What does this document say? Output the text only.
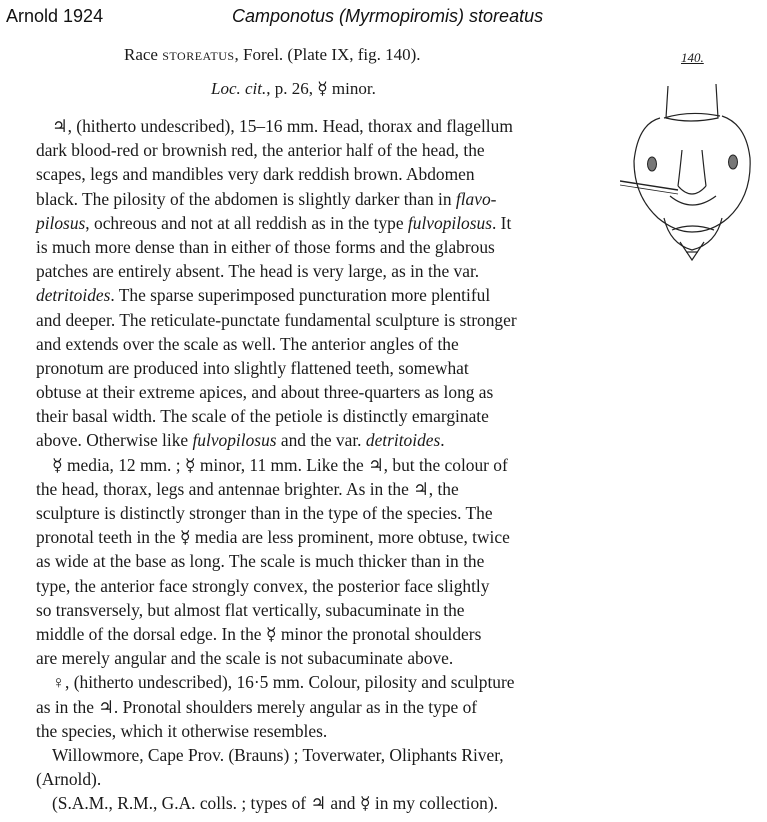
Arnold 1924	Camponotus (Myrmopiromis) storeatus
Race storeatus, Forel. (Plate IX, fig. 140).
Loc. cit., p. 26, ☿ minor.
140.
♃, (hitherto undescribed), 15–16 mm. Head, thorax and flagellum
dark blood-red or brownish red, the anterior half of the head, the
scapes, legs and mandibles very dark reddish brown. Abdomen
black. The pilosity of the abdomen is slightly darker than in flavo-
pilosus, ochreous and not at all reddish as in the type fulvopilosus. It
is much more dense than in either of those forms and the glabrous
patches are entirely absent. The head is very large, as in the var.
detritoides. The sparse superimposed puncturation more plentiful
and deeper. The reticulate-punctate fundamental sculpture is stronger
and extends over the scale as well. The anterior angles of the
pronotum are produced into slightly flattened teeth, somewhat
obtuse at their extreme apices, and about three-quarters as long as
their basal width. The scale of the petiole is distinctly emarginate
above. Otherwise like fulvopilosus and the var. detritoides.
☿ media, 12 mm. ; ☿ minor, 11 mm. Like the ♃, but the colour of
the head, thorax, legs and antennae brighter. As in the ♃, the
sculpture is distinctly stronger than in the type of the species. The
pronotal teeth in the ☿ media are less prominent, more obtuse, twice
as wide at the base as long. The scale is much thicker than in the
type, the anterior face strongly convex, the posterior face slightly
so transversely, but almost flat vertically, subacuminate in the
middle of the dorsal edge. In the ☿ minor the pronotal shoulders
are merely angular and the scale is not subacuminate above.
♀, (hitherto undescribed), 16·5 mm. Colour, pilosity and sculpture
as in the ♃. Pronotal shoulders merely angular as in the type of
the species, which it otherwise resembles.
Willowmore, Cape Prov. (Brauns) ; Toverwater, Oliphants River,
(Arnold).
(S.A.M., R.M., G.A. colls. ; types of ♃ and ☿ in my collection).
